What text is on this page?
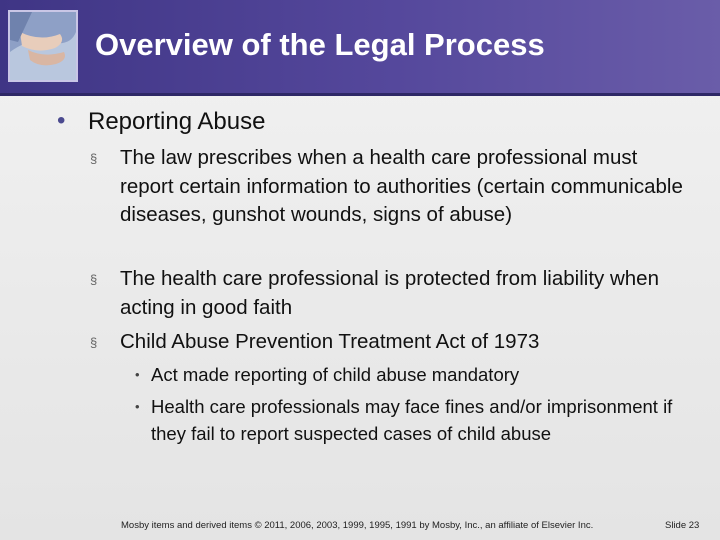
Overview of the Legal Process
• Reporting Abuse
§ The law prescribes when a health care professional must report certain information to authorities (certain communicable diseases, gunshot wounds, signs of abuse)
§ The health care professional is protected from liability when acting in good faith
§ Child Abuse Prevention Treatment Act of 1973
• Act made reporting of child abuse mandatory
• Health care professionals may face fines and/or imprisonment if they fail to report suspected cases of child abuse
Mosby items and derived items © 2011, 2006, 2003, 1999, 1995, 1991 by Mosby, Inc., an affiliate of Elsevier Inc.	Slide 23
